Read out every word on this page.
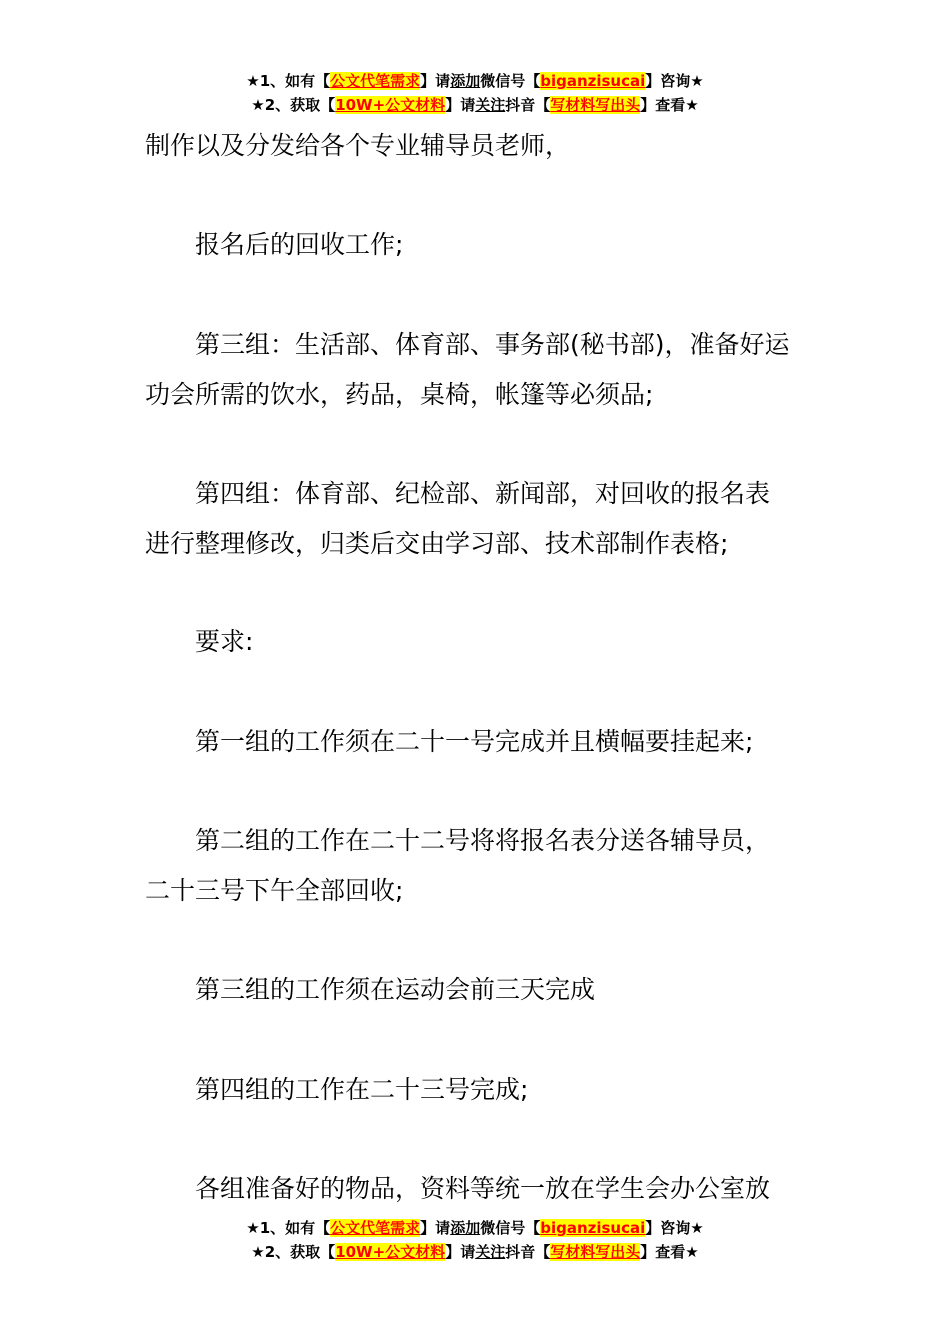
★1、如有【公文代笔需求】请添加微信号【biganzisucai】咨询★
★2、获取【10W+公文材料】请关注抖音【写材料写出头】查看★
制作以及分发给各个专业辅导员老师，
报名后的回收工作;
第三组：生活部、体育部、事务部(秘书部)，准备好运
功会所需的饮水，药品，桌椅，帐篷等必须品;
第四组：体育部、纪检部、新闻部，对回收的报名表
进行整理修改，归类后交由学习部、技术部制作表格;
要求:
第一组的工作须在二十一号完成并且横幅要挂起来;
第二组的工作在二十二号将将报名表分送各辅导员，
二十三号下午全部回收;
第三组的工作须在运动会前三天完成
第四组的工作在二十三号完成;
各组准备好的物品，资料等统一放在学生会办公室放
★1、如有【公文代笔需求】请添加微信号【biganzisucai】咨询★
★2、获取【10W+公文材料】请关注抖音【写材料写出头】查看★
